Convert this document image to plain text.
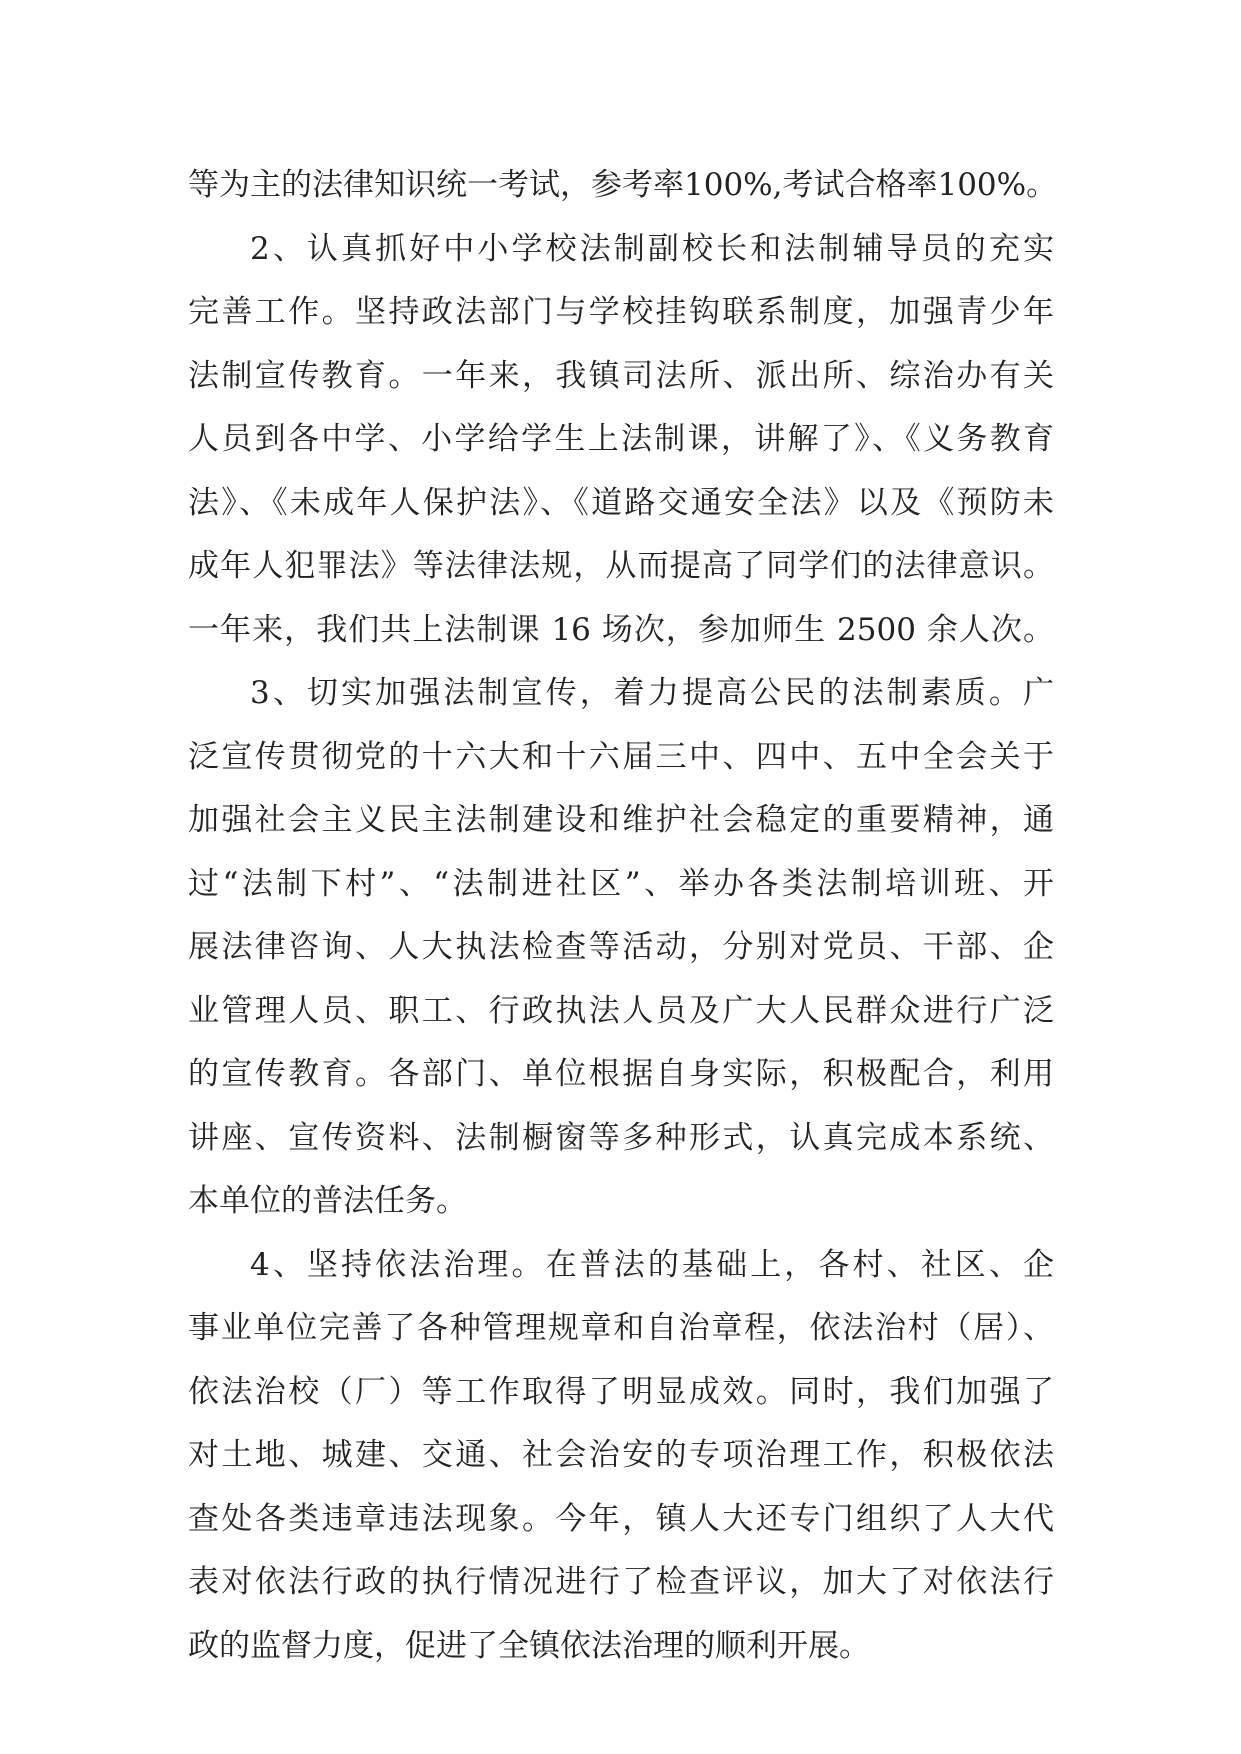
等为主的法律知识统一考试，参考率100%,考试合格率100%。
2、认真抓好中小学校法制副校长和法制辅导员的充实
完善工作。坚持政法部门与学校挂钩联系制度，加强青少年
法制宣传教育。一年来，我镇司法所、派出所、综治办有关
人员到各中学、小学给学生上法制课，讲解了》、《义务教育
法》、《未成年人保护法》、《道路交通安全法》以及《预防未
成年人犯罪法》等法律法规，从而提高了同学们的法律意识。
一年来，我们共上法制课 16 场次，参加师生 2500 余人次。
3、切实加强法制宣传，着力提高公民的法制素质。广
泛宣传贯彻党的十六大和十六届三中、四中、五中全会关于
加强社会主义民主法制建设和维护社会稳定的重要精神，通
过“法制下村”、“法制进社区”、举办各类法制培训班、开
展法律咨询、人大执法检查等活动，分别对党员、干部、企
业管理人员、职工、行政执法人员及广大人民群众进行广泛
的宣传教育。各部门、单位根据自身实际，积极配合，利用
讲座、宣传资料、法制橱窗等多种形式，认真完成本系统、
本单位的普法任务。
4、坚持依法治理。在普法的基础上，各村、社区、企
事业单位完善了各种管理规章和自治章程，依法治村（居）、
依法治校（厂）等工作取得了明显成效。同时，我们加强了
对土地、城建、交通、社会治安的专项治理工作，积极依法
查处各类违章违法现象。今年，镇人大还专门组织了人大代
表对依法行政的执行情况进行了检查评议，加大了对依法行
政的监督力度，促进了全镇依法治理的顺利开展。
